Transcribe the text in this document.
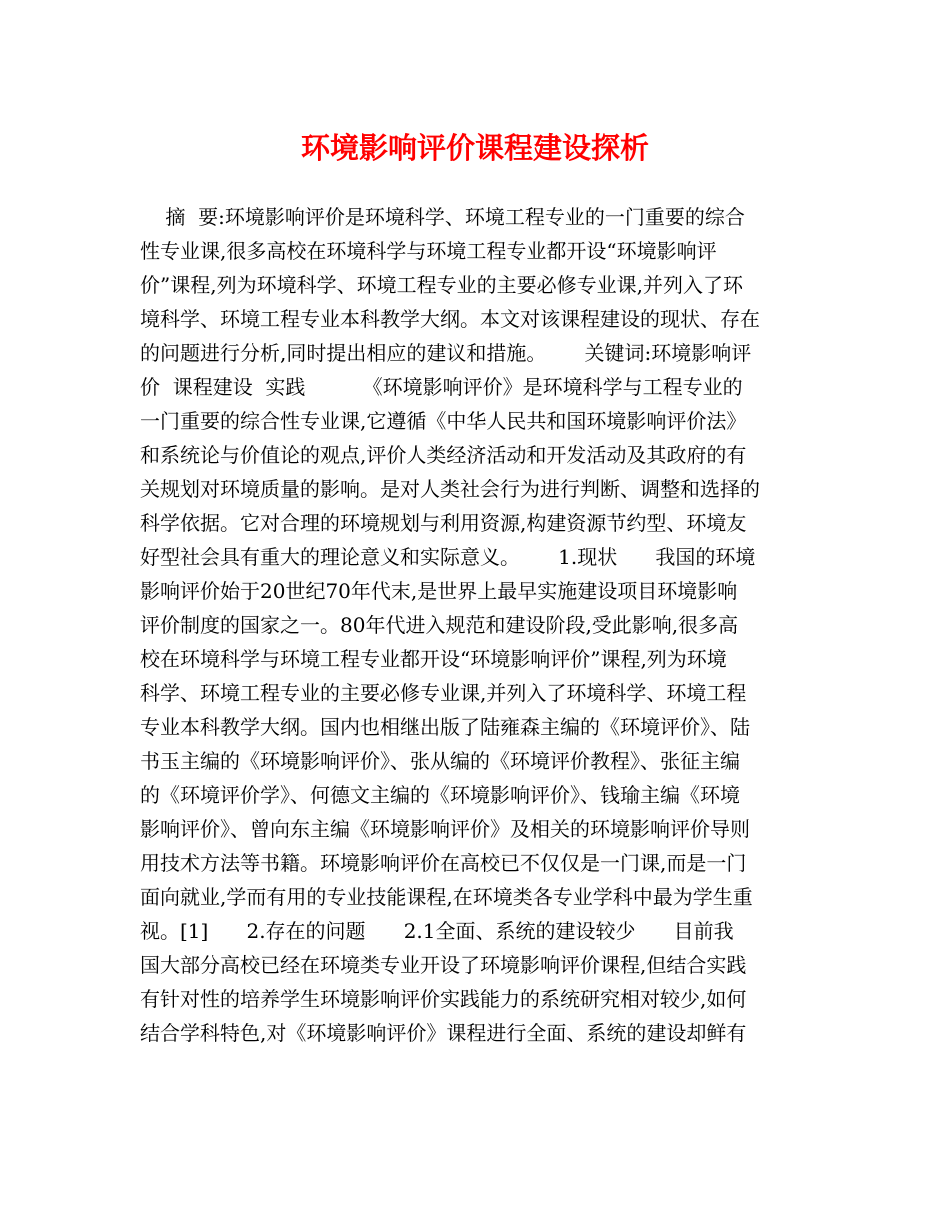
环境影响评价课程建设探析
摘  要:环境影响评价是环境科学、环境工程专业的一门重要的综合
性专业课,很多高校在环境科学与环境工程专业都开设“环境影响评
价”课程,列为环境科学、环境工程专业的主要必修专业课,并列入了环
境科学、环境工程专业本科教学大纲。本文对该课程建设的现状、存在
的问题进行分析,同时提出相应的建议和措施。      关键词:环境影响评
价  课程建设  实践         《环境影响评价》是环境科学与工程专业的
一门重要的综合性专业课,它遵循《中华人民共和国环境影响评价法》
和系统论与价值论的观点,评价人类经济活动和开发活动及其政府的有
关规划对环境质量的影响。是对人类社会行为进行判断、调整和选择的
科学依据。它对合理的环境规划与利用资源,构建资源节约型、环境友
好型社会具有重大的理论意义和实际意义。      1.现状      我国的环境
影响评价始于20世纪70年代末,是世界上最早实施建设项目环境影响
评价制度的国家之一。80年代进入规范和建设阶段,受此影响,很多高
校在环境科学与环境工程专业都开设“环境影响评价”课程,列为环境
科学、环境工程专业的主要必修专业课,并列入了环境科学、环境工程
专业本科教学大纲。国内也相继出版了陆雍森主编的《环境评价》、陆
书玉主编的《环境影响评价》、张从编的《环境评价教程》、张征主编
的《环境评价学》、何德文主编的《环境影响评价》、钱瑜主编《环境
影响评价》、曾向东主编《环境影响评价》及相关的环境影响评价导则
用技术方法等书籍。环境影响评价在高校已不仅仅是一门课,而是一门
面向就业,学而有用的专业技能课程,在环境类各专业学科中最为学生重
视。[1]      2.存在的问题      2.1全面、系统的建设较少      目前我
国大部分高校已经在环境类专业开设了环境影响评价课程,但结合实践
有针对性的培养学生环境影响评价实践能力的系统研究相对较少,如何
结合学科特色,对《环境影响评价》课程进行全面、系统的建设却鲜有
